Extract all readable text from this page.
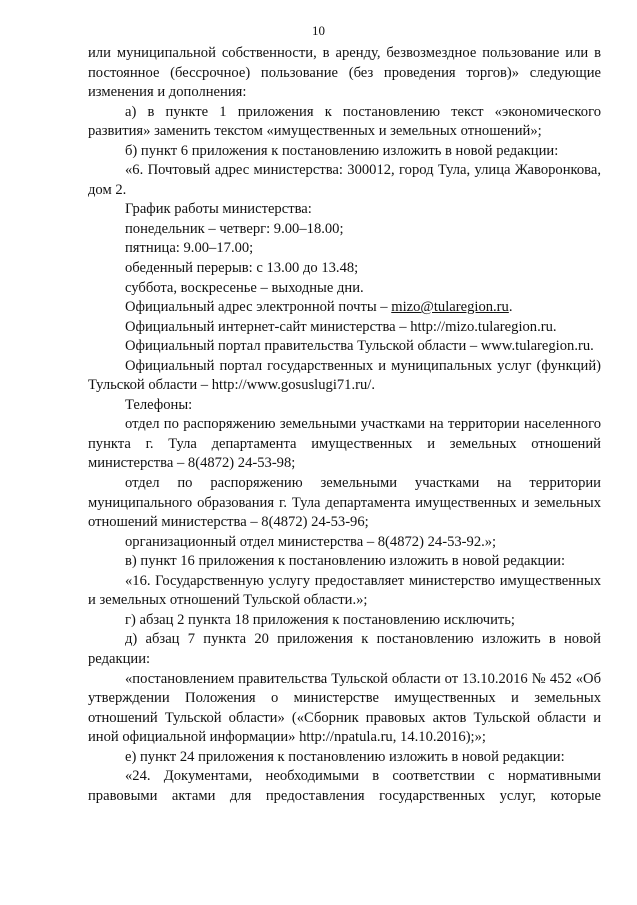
10

или муниципальной собственности, в аренду, безвозмездное пользование или в постоянное (бессрочное) пользование (без проведения торгов)» следующие изменения и дополнения:

а) в пункте 1 приложения к постановлению текст «экономического развития» заменить текстом «имущественных и земельных отношений»;

б) пункт 6 приложения к постановлению изложить в новой редакции:

«6. Почтовый адрес министерства: 300012, город Тула, улица Жаворонкова, дом 2.

График работы министерства:

понедельник – четверг: 9.00–18.00;

пятница: 9.00–17.00;

обеденный перерыв: с 13.00 до 13.48;

суббота, воскресенье – выходные дни.

Официальный адрес электронной почты – mizo@tularegion.ru.

Официальный интернет-сайт министерства – http://mizo.tularegion.ru.

Официальный портал правительства Тульской области – www.tularegion.ru.

Официальный портал государственных и муниципальных услуг (функций) Тульской области – http://www.gosuslugi71.ru/.

Телефоны:

отдел по распоряжению земельными участками на территории населенного пункта г. Тула департамента имущественных и земельных отношений министерства – 8(4872) 24-53-98;

отдел по распоряжению земельными участками на территории муниципального образования г. Тула департамента имущественных и земельных отношений министерства – 8(4872) 24-53-96;

организационный отдел министерства – 8(4872) 24-53-92.»;

в) пункт 16 приложения к постановлению изложить в новой редакции:

«16. Государственную услугу предоставляет министерство имущественных и земельных отношений Тульской области.»;

г) абзац 2 пункта 18 приложения к постановлению исключить;

д) абзац 7 пункта 20 приложения к постановлению изложить в новой редакции:

«постановлением правительства Тульской области от 13.10.2016 № 452 «Об утверждении Положения о министерстве имущественных и земельных отношений Тульской области» («Сборник правовых актов Тульской области и иной официальной информации» http://npatula.ru, 14.10.2016);»;

е) пункт 24 приложения к постановлению изложить в новой редакции:

«24. Документами, необходимыми в соответствии с нормативными правовыми актами для предоставления государственных услуг, которые
